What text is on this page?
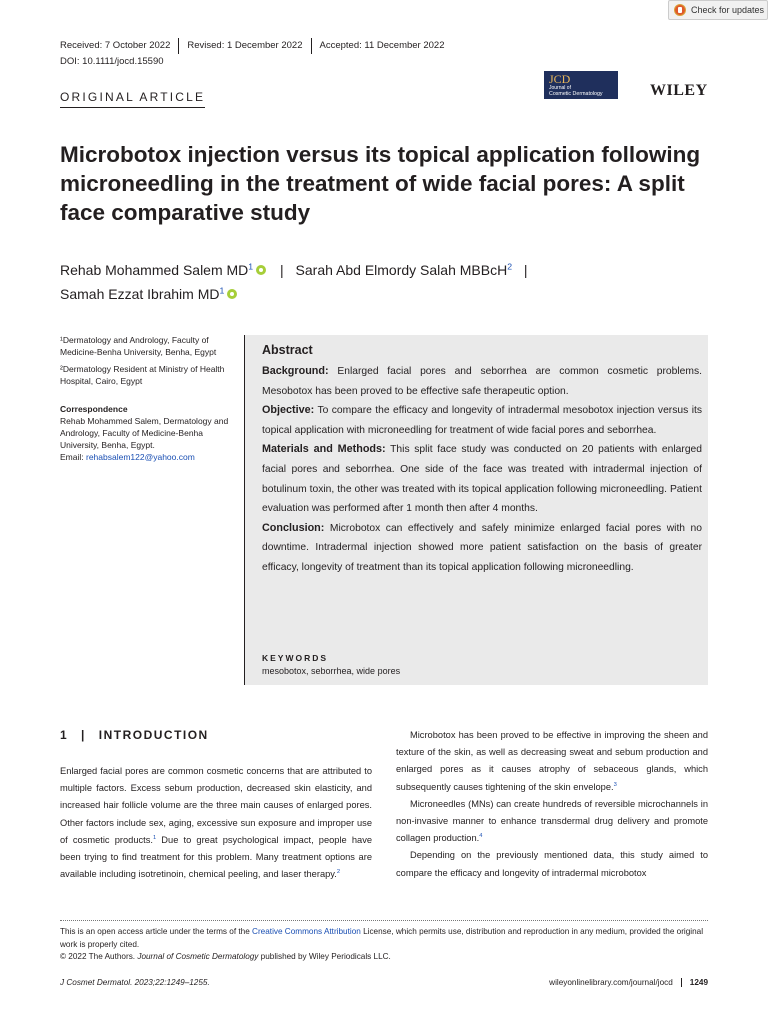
Check for updates
Received: 7 October 2022	Revised: 1 December 2022	Accepted: 11 December 2022
DOI: 10.1111/jocd.15590
ORIGINAL ARTICLE
JCD
Journal of
Cosmetic Dermatology	WILEY
Microbotox injection versus its topical application following microneedling in the treatment of wide facial pores: A split face comparative study
Rehab Mohammed Salem $MD^1$ | Sarah Abd Elmordy Salah MBBcH$^2$ |
Samah Ezzat Ibrahim $MD^1$
¹Dermatology and Andrology, Faculty of Medicine-Benha University, Benha, Egypt
²Dermatology Resident at Ministry of Health Hospital, Cairo, Egypt
Correspondence
Rehab Mohammed Salem, Dermatology and Andrology, Faculty of Medicine-Benha University, Benha, Egypt.
Email: rehabsalem122@yahoo.com
Abstract

Background: Enlarged facial pores and seborrhea are common cosmetic problems. Mesobotox has been proved to be effective safe therapeutic option.

Objective: To compare the efficacy and longevity of intradermal mesobotox injection versus its topical application with microneedling for treatment of wide facial pores and seborrhea.

Materials and Methods: This split face study was conducted on 20 patients with enlarged facial pores and seborrhea. One side of the face was treated with intradermal injection of botulinum toxin, the other was treated with its topical application following microneedling. Patient evaluation was performed after 1 month then after 4 months.

Conclusion: Microbotox can effectively and safely minimize enlarged facial pores with no downtime. Intradermal injection showed more patient satisfaction on the basis of greater efficacy, longevity of treatment than its topical application following microneedling.

KEYWORDS
mesobotox, seborrhea, wide pores
1 | INTRODUCTION

Enlarged facial pores are common cosmetic concerns that are attributed to multiple factors. Excess sebum production, decreased skin elasticity, and increased hair follicle volume are the three main causes of enlarged pores. Other factors include sex, aging, excessive sun exposure and improper use of cosmetic products.$^1$ Due to great psychological impact, people have been trying to find treatment for this problem. Many treatment options are available including isotretinoin, chemical peeling, and laser therapy.$^2$

Microbotox has been proved to be effective in improving the sheen and texture of the skin, as well as decreasing sweat and sebum production and enlarged pores as it causes atrophy of sebaceous glands, which subsequently causes tightening of the skin envelope.$^3$

Microneedles (MNs) can create hundreds of reversible microchannels in non-invasive manner to enhance transdermal drug delivery and promote collagen production.$^4$

Depending on the previously mentioned data, this study aimed to compare the efficacy and longevity of intradermal microbotox

This is an open access article under the terms of the Creative Commons Attribution License, which permits use, distribution and reproduction in any medium, provided the original work is properly cited.
© 2022 The Authors. Journal of Cosmetic Dermatology published by Wiley Periodicals LLC.
J Cosmet Dermatol. 2023;22:1249–1255.	wileyonlinelibrary.com/journal/jocd 1249
